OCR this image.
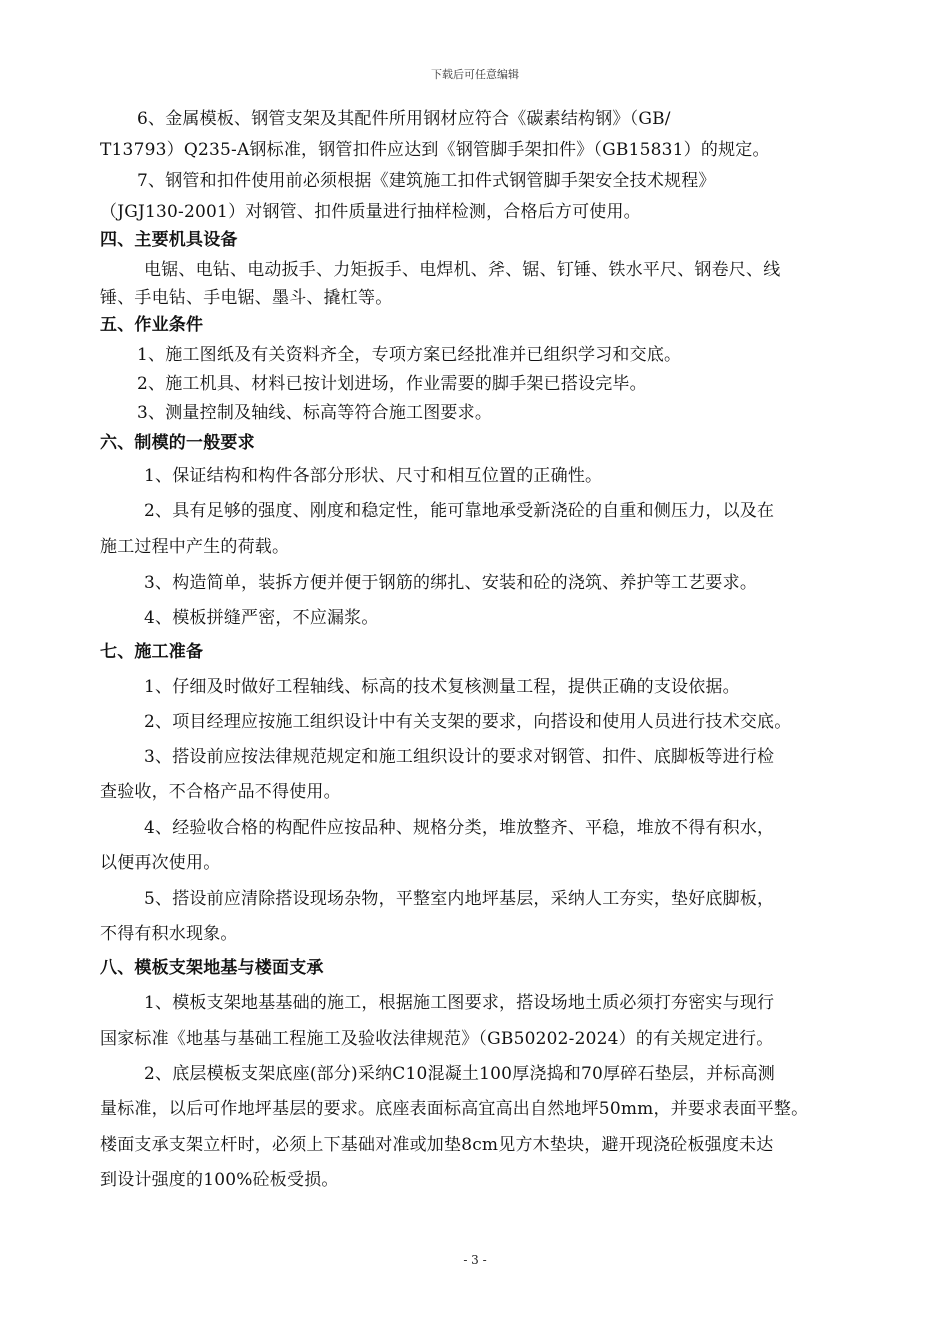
下载后可任意编辑
6、金属模板、钢管支架及其配件所用钢材应符合《碳素结构钢》（GB/
T13793）Q235-A钢标准，钢管扣件应达到《钢管脚手架扣件》（GB15831）的规定。
7、钢管和扣件使用前必须根据《建筑施工扣件式钢管脚手架安全技术规程》
（JGJ130-2001）对钢管、扣件质量进行抽样检测，合格后方可使用。
四、主要机具设备
电锯、电钻、电动扳手、力矩扳手、电焊机、斧、锯、钉锤、铁水平尺、钢卷尺、线
锤、手电钻、手电锯、墨斗、撬杠等。
五、作业条件
1、施工图纸及有关资料齐全，专项方案已经批准并已组织学习和交底。
2、施工机具、材料已按计划进场，作业需要的脚手架已搭设完毕。
3、测量控制及轴线、标高等符合施工图要求。
六、制模的一般要求
1、保证结构和构件各部分形状、尺寸和相互位置的正确性。
2、具有足够的强度、刚度和稳定性，能可靠地承受新浇砼的自重和侧压力，以及在
施工过程中产生的荷载。
3、构造简单，装拆方便并便于钢筋的绑扎、安装和砼的浇筑、养护等工艺要求。
4、模板拼缝严密，不应漏浆。
七、施工准备
1、仔细及时做好工程轴线、标高的技术复核测量工程，提供正确的支设依据。
2、项目经理应按施工组织设计中有关支架的要求，向搭设和使用人员进行技术交底。
3、搭设前应按法律规范规定和施工组织设计的要求对钢管、扣件、底脚板等进行检
查验收，不合格产品不得使用。
4、经验收合格的构配件应按品种、规格分类，堆放整齐、平稳，堆放不得有积水，
以便再次使用。
5、搭设前应清除搭设现场杂物，平整室内地坪基层，采纳人工夯实，垫好底脚板，
不得有积水现象。
八、模板支架地基与楼面支承
1、模板支架地基基础的施工，根据施工图要求，搭设场地土质必须打夯密实与现行
国家标准《地基与基础工程施工及验收法律规范》（GB50202-2024）的有关规定进行。
2、底层模板支架底座(部分)采纳C10混凝土100厚浇捣和70厚碎石垫层，并标高测
量标准，以后可作地坪基层的要求。底座表面标高宜高出自然地坪50mm，并要求表面平整。
楼面支承支架立杆时，必须上下基础对准或加垫8cm见方木垫块，避开现浇砼板强度未达
到设计强度的100%砼板受损。
- 3 -
